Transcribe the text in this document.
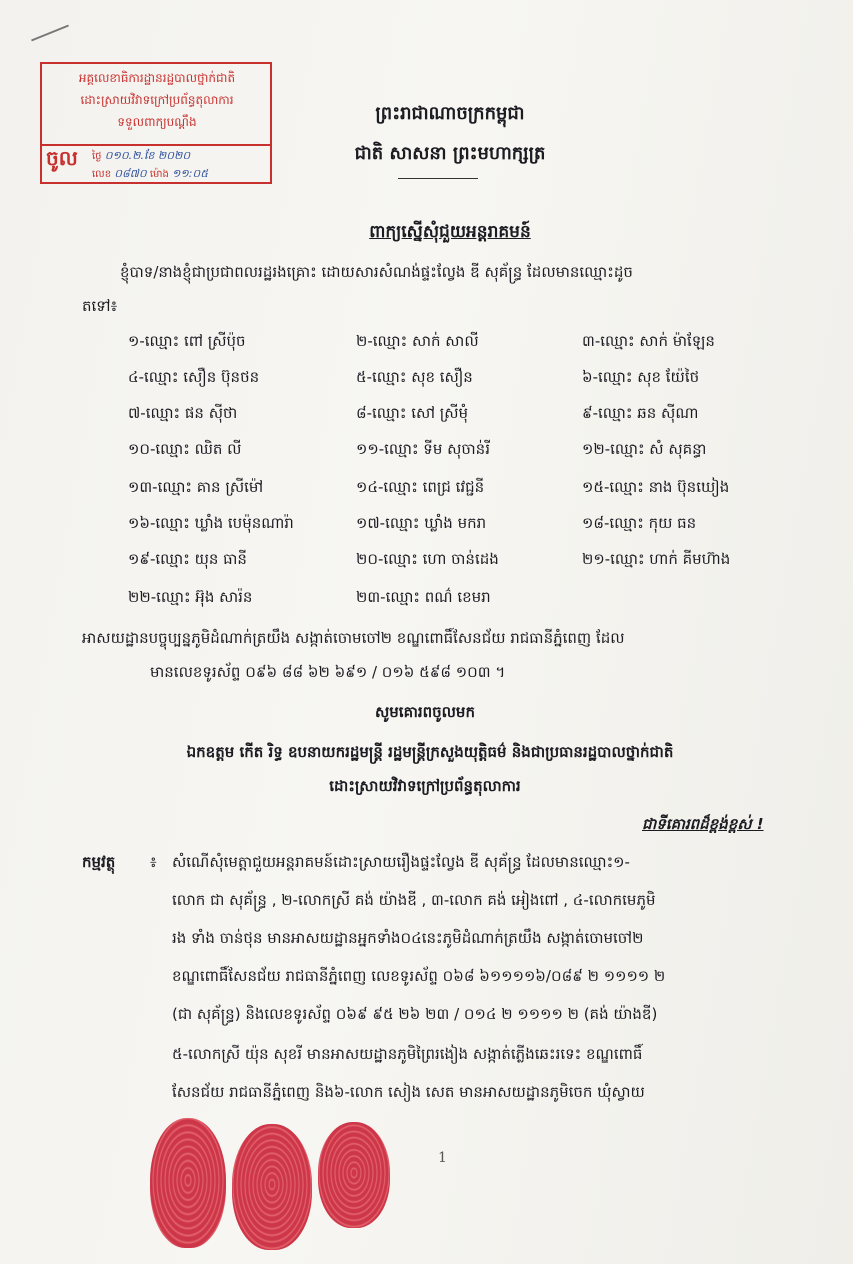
អគ្គលេខាធិការដ្ឋានរដ្ឋបាលថ្នាក់ជាតិ
ដោះស្រាយវិវាទក្រៅប្រព័ន្ធតុលាការ
ទទួលពាក្យបណ្តឹង
ចូល ថ្ងៃ ០១០.២.ខែ ២០២០
លេខ ០៨៧០ ម៉ោង ១១:០៥
ព្រះរាជាណាចក្រកម្ពុជា
ជាតិ សាសនា ព្រះមហាក្សត្រ
ពាក្យស្នើសុំជួយអន្តរាគមន៍
ខ្ញុំបាទ/នាងខ្ញុំជាប្រជាពលរដ្ឋរងគ្រោះ ដោយសារសំណង់ផ្ទះល្វែង ឌី សុគ័ន្ធ្រ ដែលមានឈ្មោះដូច
តទៅ៖
១-ឈ្មោះ ពៅ ស្រីប៉ុច	២-ឈ្មោះ សាក់ សាលី	៣-ឈ្មោះ សាក់ ម៉ាឡែន
៤-ឈ្មោះ សឿន ប៊ុនថន	៥-ឈ្មោះ សុខ សឿន	៦-ឈ្មោះ សុខ យ៉ែថៃ
៧-ឈ្មោះ ផន ស៊ីថា	៨-ឈ្មោះ សៅ ស្រីមុំ	៩-ឈ្មោះ ឆន ស៊ីណា
១០-ឈ្មោះ ឈិត លី	១១-ឈ្មោះ ទីម សុចាន់រី	១២-ឈ្មោះ សំ សុគន្ធា
១៣-ឈ្មោះ គាន ស្រីម៉ៅ	១៤-ឈ្មោះ ពេជ្រ វេជ្ជនី	១៥-ឈ្មោះ នាង ប៊ុនឃៀង
១៦-ឈ្មោះ ឃ្លាំង បេម៉ុនណារ៉ា	១៧-ឈ្មោះ ឃ្លាំង មករា	១៨-ឈ្មោះ កុយ ធន
១៩-ឈ្មោះ យុន ធានី	២០-ឈ្មោះ ហោ ចាន់ដេង	២១-ឈ្មោះ ហាក់ គីមហ៊ាង
២២-ឈ្មោះ អ៊ុង សារ៉ន	២៣-ឈ្មោះ ពណ៌ ខេមរា
អាសយដ្ឋានបច្ចុប្បន្នភូមិដំណាក់ត្រយឹង សង្កាត់ចោមចៅ២ ខណ្ឌពោធិ៍សែនជ័យ រាជធានីភ្នំពេញ ដែល
មានលេខទូរស័ព្ទ ០៩៦ ៨៨ ៦២ ៦៩១ / ០១៦ ៥៩៨ ១០៣ ។
សូមគោរពចូលមក
ឯកឧត្តម កើត រិទ្ធ ឧបនាយករដ្ឋមន្ត្រី រដ្ឋមន្ត្រីក្រសួងយុត្តិធម៌ និងជាប្រធានរដ្ឋបាលថ្នាក់ជាតិ
ដោះស្រាយវិវាទក្រៅប្រព័ន្ធតុលាការ
ជាទីគោរពដ៏ខ្ពង់ខ្ពស់ !
កម្មវត្ថុ ៖ សំណើសុំមេត្តាជួយអន្តរាគមន៍ដោះស្រាយរឿងផ្ទះល្វែង ឌី សុគ័ន្ធ្រ ដែលមានឈ្មោះ១-
លោក ជា សុគ័ន្ធ្រ , ២-លោកស្រី គង់ យ៉ាងឌី , ៣-លោក គង់ អៀងពៅ , ៤-លោកមេភូមិ
រង ទាំង ចាន់ថុន មានអាសយដ្ឋានអ្នកទាំង០៤នេះភូមិដំណាក់ត្រយឹង សង្កាត់ចោមចៅ២
ខណ្ឌពោធិ៍សែនជ័យ រាជធានីភ្នំពេញ លេខទូរស័ព្ទ ០៦៨ ៦១១១១៦/០៨៩ ២ ១១១១ ២
(ជា សុគ័ន្ធ្រ) និងលេខទូរស័ព្ទ ០៦៩ ៩៥ ២៦ ២៣ / ០១៤ ២ ១១១១ ២ (គង់ យ៉ាងឌី)
៥-លោកស្រី យ៉ុន សុខរី មានអាសយដ្ឋានភូមិព្រៃរងៀង សង្កាត់ភ្លើងឆេះរទេះ ខណ្ឌពោធិ៍
សែនជ័យ រាជធានីភ្នំពេញ និង៦-លោក សៀង សេត មានអាសយដ្ឋានភូមិចេក ឃុំស្វាយ
1
